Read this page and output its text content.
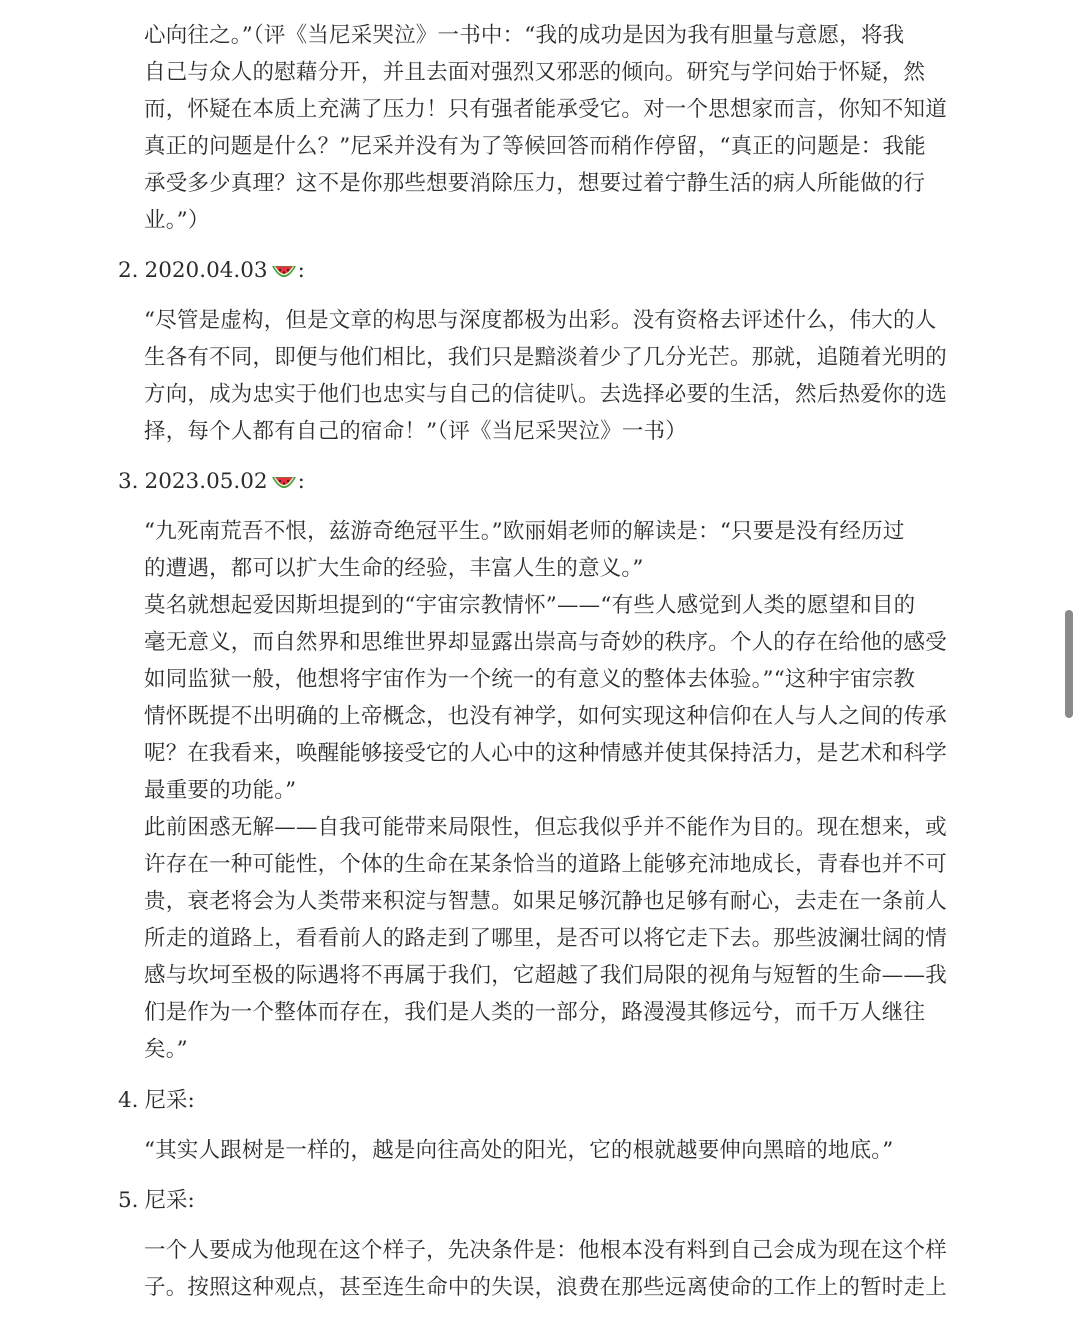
心向往之。”（评《当尼采哭泣》一书中：“我的成功是因为我有胆量与意愿，将我
自己与众人的慰藉分开，并且去面对强烈又邪恶的倾向。研究与学问始于怀疑，然
而，怀疑在本质上充满了压力！只有强者能承受它。对一个思想家而言，你知不知道
真正的问题是什么？”尼采并没有为了等候回答而稍作停留，“真正的问题是：我能
承受多少真理？这不是你那些想要消除压力，想要过着宁静生活的病人所能做的行
业。”）
2. 2020.04.03 :
“尽管是虚构，但是文章的构思与深度都极为出彩。没有资格去评述什么，伟大的人
生各有不同，即便与他们相比，我们只是黯淡着少了几分光芒。那就，追随着光明的
方向，成为忠实于他们也忠实与自己的信徒叭。去选择必要的生活，然后热爱你的选
择，每个人都有自己的宿命！”（评《当尼采哭泣》一书）
3. 2023.05.02 :
“九死南荒吾不恨，兹游奇绝冠平生。”欧丽娟老师的解读是：“只要是没有经历过
的遭遇，都可以扩大生命的经验，丰富人生的意义。”
莫名就想起爱因斯坦提到的“宇宙宗教情怀”——“有些人感觉到人类的愿望和目的
毫无意义，而自然界和思维世界却显露出崇高与奇妙的秩序。个人的存在给他的感受
如同监狱一般，他想将宇宙作为一个统一的有意义的整体去体验。”“这种宇宙宗教
情怀既提不出明确的上帝概念，也没有神学，如何实现这种信仰在人与人之间的传承
呢？在我看来，唤醒能够接受它的人心中的这种情感并使其保持活力，是艺术和科学
最重要的功能。”
此前困惑无解——自我可能带来局限性，但忘我似乎并不能作为目的。现在想来，或
许存在一种可能性，个体的生命在某条恰当的道路上能够充沛地成长，青春也并不可
贵，衰老将会为人类带来积淀与智慧。如果足够沉静也足够有耐心，去走在一条前人
所走的道路上，看看前人的路走到了哪里，是否可以将它走下去。那些波澜壮阔的情
感与坎坷至极的际遇将不再属于我们，它超越了我们局限的视角与短暂的生命——我
们是作为一个整体而存在，我们是人类的一部分，路漫漫其修远兮，而千万人继往
矣。”
4. 尼采:
“其实人跟树是一样的，越是向往高处的阳光，它的根就越要伸向黑暗的地底。”
5. 尼采:
一个人要成为他现在这个样子，先决条件是：他根本没有料到自己会成为现在这个样
子。按照这种观点，甚至连生命中的失误，浪费在那些远离使命的工作上的暂时走上
